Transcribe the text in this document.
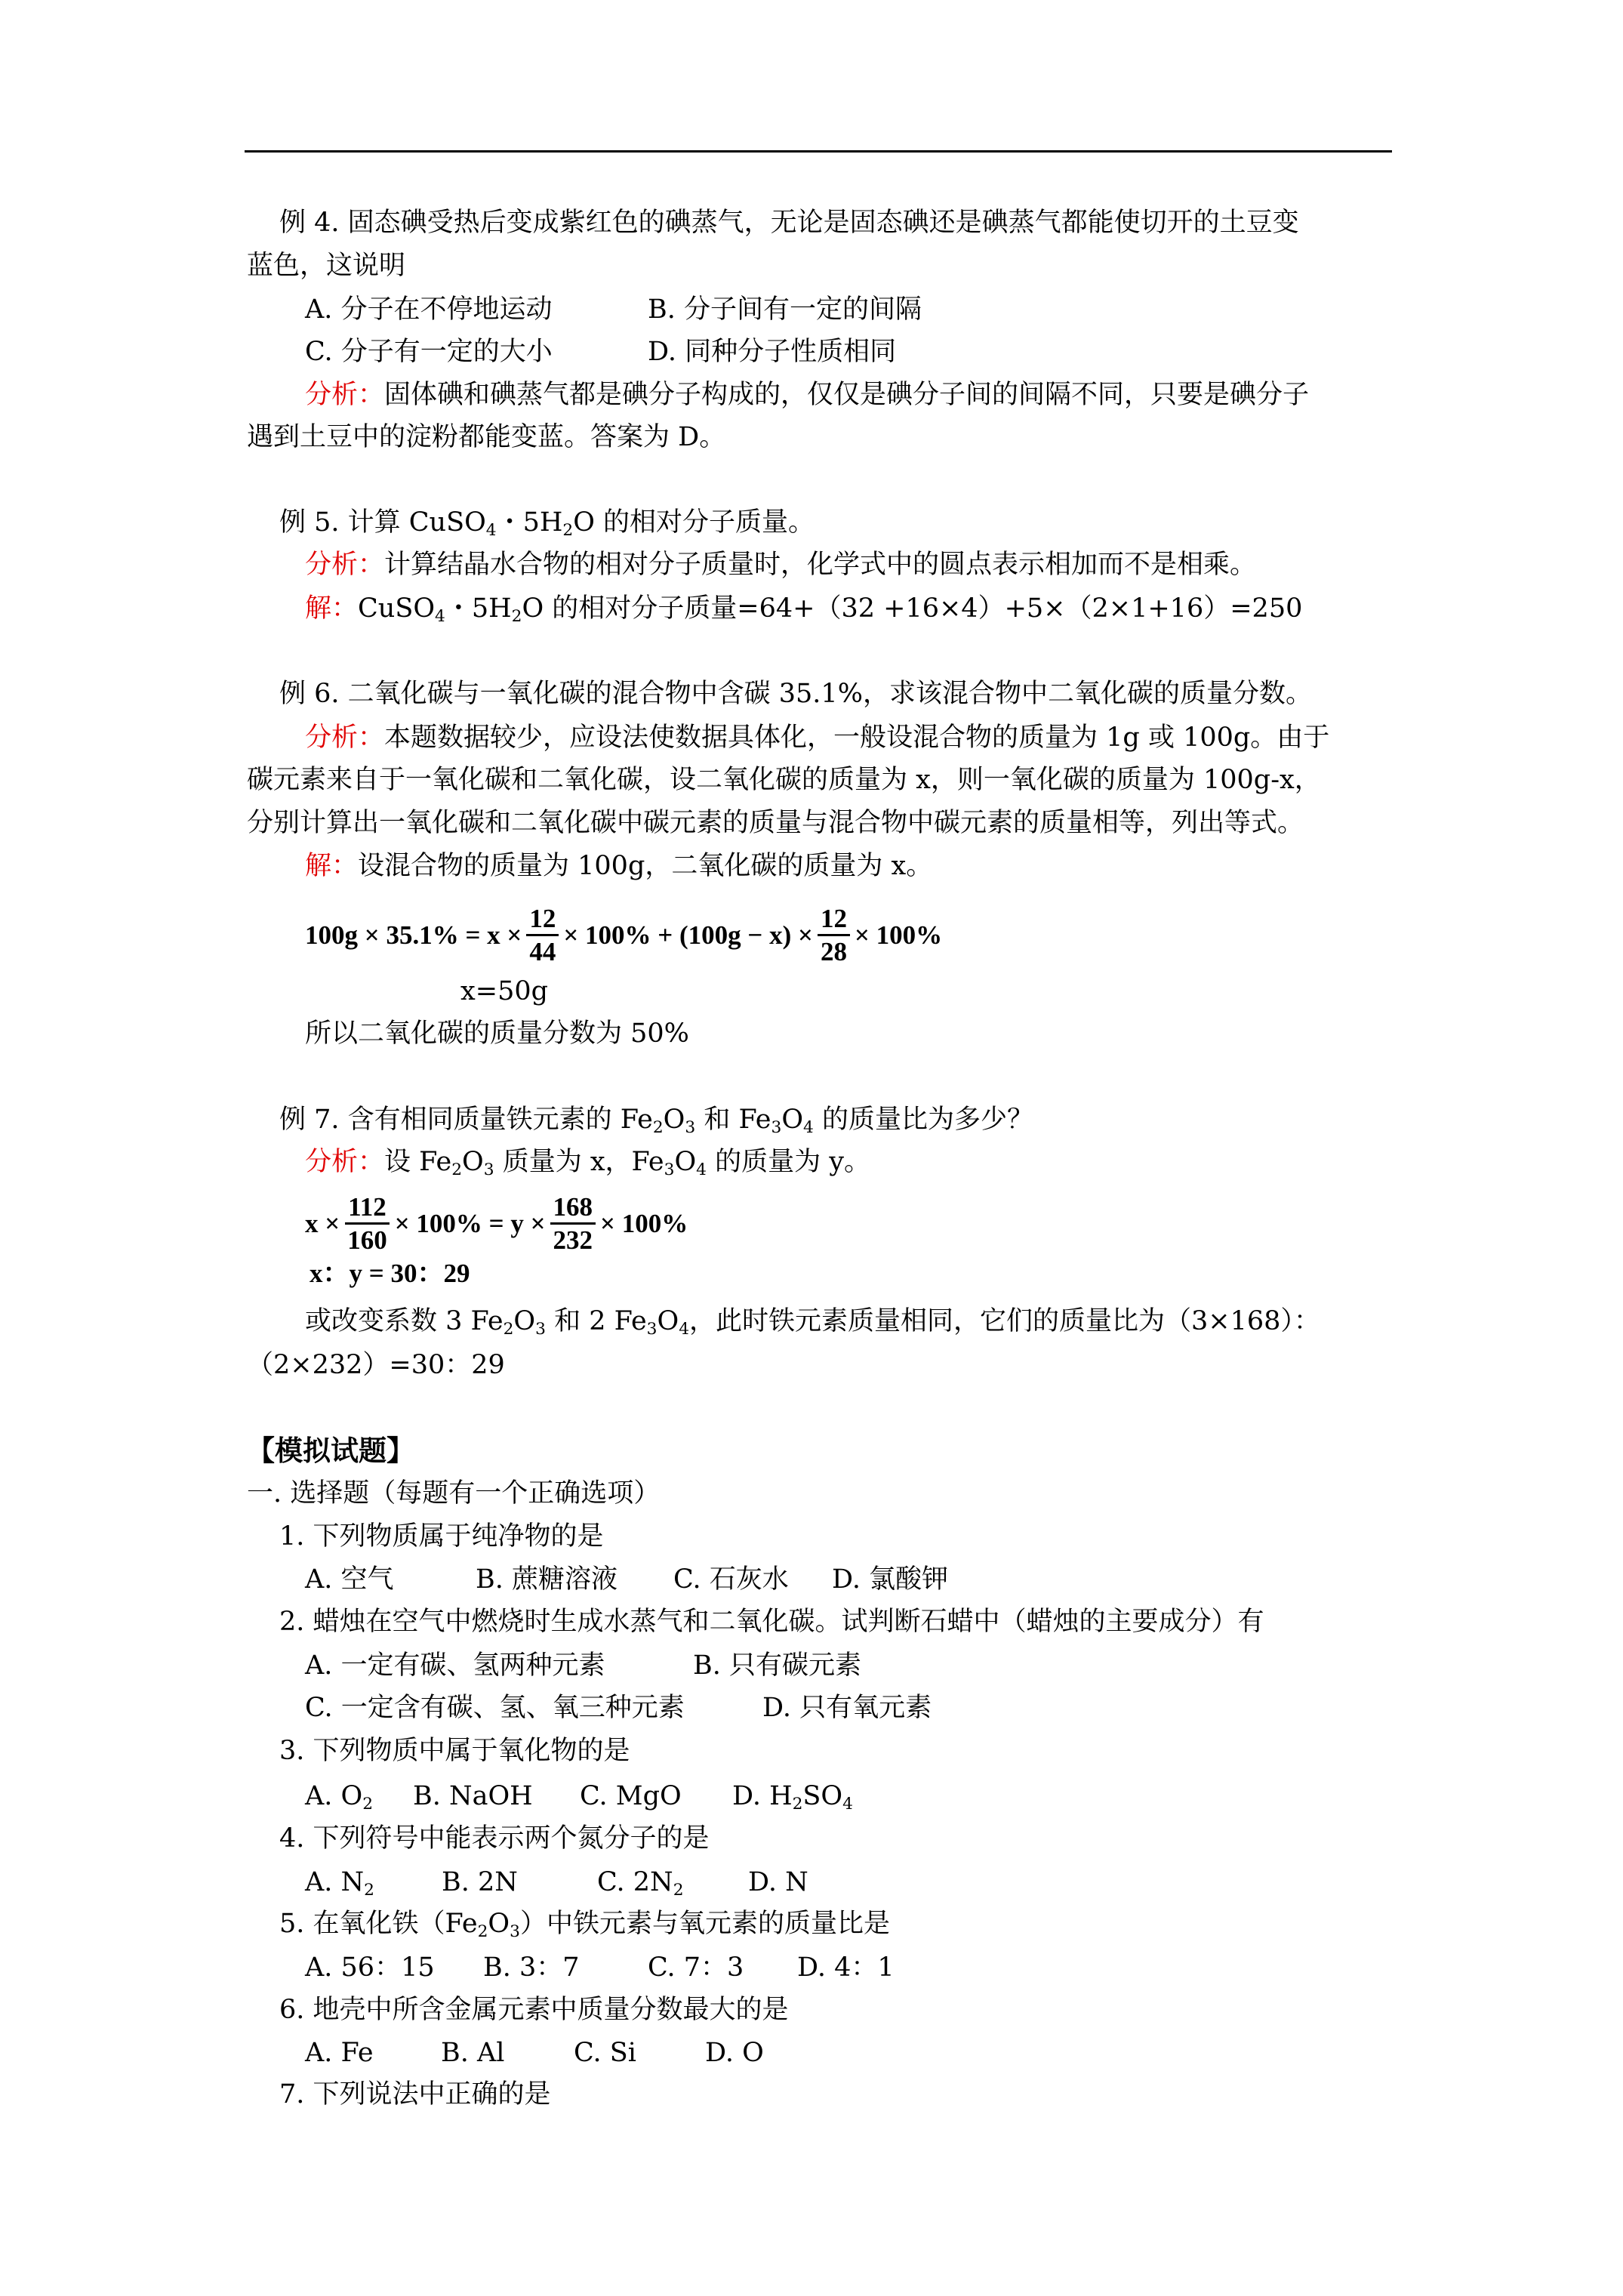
例 4. 固态碘受热后变成紫红色的碘蒸气，无论是固态碘还是碘蒸气都能使切开的土豆变
蓝色，这说明
A. 分子在不停地运动	B. 分子间有一定的间隔
C. 分子有一定的大小	D. 同种分子性质相同
分析：固体碘和碘蒸气都是碘分子构成的，仅仅是碘分子间的间隔不同，只要是碘分子
遇到土豆中的淀粉都能变蓝。答案为 D。
例 5. 计算 CuSO$_4$・$5H_2O$ 的相对分子质量。
分析：计算结晶水合物的相对分子质量时，化学式中的圆点表示相加而不是相乘。
解：CuSO$_4$・$5H_2O$ 的相对分子质量=64+（32 +16×4）+5×（2×1+16）=250
例 6. 二氧化碳与一氧化碳的混合物中含碳 35.1%，求该混合物中二氧化碳的质量分数。
分析：本题数据较少，应设法使数据具体化，一般设混合物的质量为 1g 或 100g。由于
碳元素来自于一氧化碳和二氧化碳，设二氧化碳的质量为 x，则一氧化碳的质量为 100g-x，
分别计算出一氧化碳和二氧化碳中碳元素的质量与混合物中碳元素的质量相等，列出等式。
解：设混合物的质量为 100g，二氧化碳的质量为 x。
$100g \times 35.1\% = x \times \frac{12}{44} \times 100\% + (100g - x) \times \frac{12}{28} \times 100\%$
x=50g
所以二氧化碳的质量分数为 50%
例 7. 含有相同质量铁元素的 $Fe_2O_3$ 和 $Fe_3O_4$ 的质量比为多少？
分析：设 $Fe_2O_3$ 质量为 x，$Fe_3O_4$ 的质量为 y。
$x \times \frac{112}{160} \times 100\% = y \times \frac{168}{232} \times 100\%$
x：y = 30：29
或改变系数 3 $Fe_2O_3$ 和 2 $Fe_3O_4$，此时铁元素质量相同，它们的质量比为（3×168）：
（2×232）=30：29
【模拟试题】
一. 选择题（每题有一个正确选项）
1. 下列物质属于纯净物的是
A. 空气	B. 蔗糖溶液 C. 石灰水 D. 氯酸钾
2. 蜡烛在空气中燃烧时生成水蒸气和二氧化碳。试判断石蜡中（蜡烛的主要成分）有
A. 一定有碳、氢两种元素	B. 只有碳元素
C. 一定含有碳、氢、氧三种元素	D. 只有氧元素
3. 下列物质中属于氧化物的是
A. $O_2$ B. NaOH C. MgO D. $H_2SO_4$
4. 下列符号中能表示两个氮分子的是
A. $N_2$	B. 2N	C. $2N_2$ D. N
5. 在氧化铁$(Fe_2O_3)$中铁元素与氧元素的质量比是
A. 56：15 B. 3：7	C. 7：3 D. 4：1
6. 地壳中所含金属元素中质量分数最大的是
A. Fe	B. Al	C. Si	D. O
7. 下列说法中正确的是
